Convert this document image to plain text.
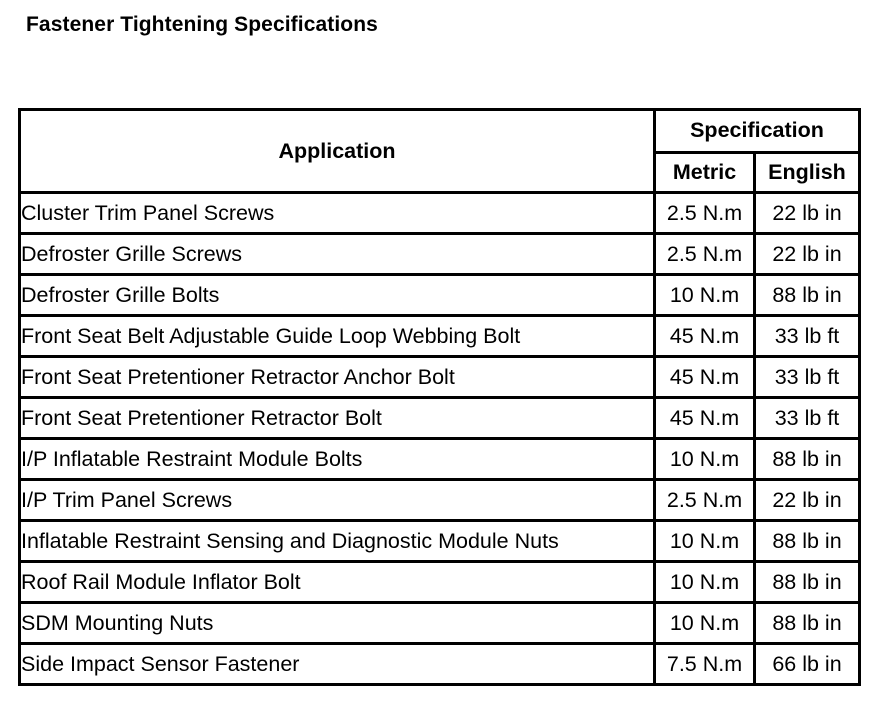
Fastener Tightening Specifications
Application	Specification	
	Metric	English
Cluster Trim Panel Screws	2.5 N.m	22 lb in
Defroster Grille Screws	2.5 N.m	22 lb in
Defroster Grille Bolts	10 N.m	88 lb in
Front Seat Belt Adjustable Guide Loop Webbing Bolt	45 N.m	33 lb ft
Front Seat Pretentioner Retractor Anchor Bolt	45 N.m	33 lb ft
Front Seat Pretentioner Retractor Bolt	45 N.m	33 lb ft
I/P Inflatable Restraint Module Bolts	10 N.m	88 lb in
I/P Trim Panel Screws	2.5 N.m	22 lb in
Inflatable Restraint Sensing and Diagnostic Module Nuts	10 N.m	88 lb in
Roof Rail Module Inflator Bolt	10 N.m	88 lb in
SDM Mounting Nuts	10 N.m	88 lb in
Side Impact Sensor Fastener	7.5 N.m	66 lb in
